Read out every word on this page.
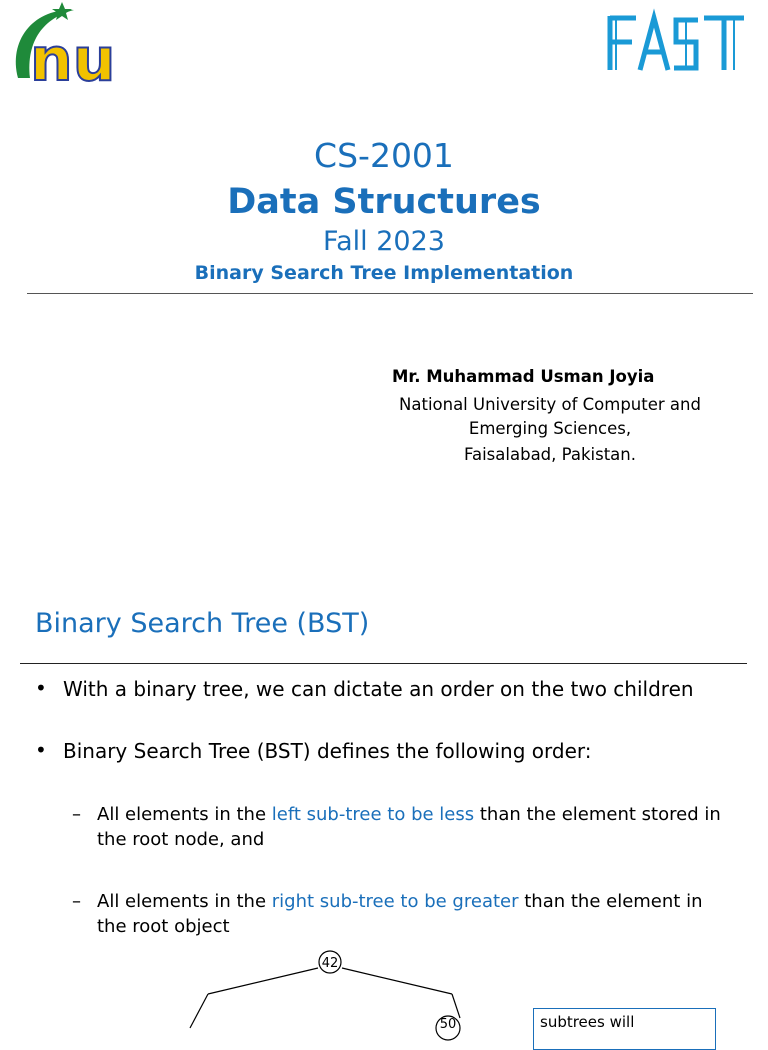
nu
CS-2001
Data Structures
Fall 2023
Binary Search Tree Implementation
Mr. Muhammad Usman Joyia
National University of Computer and
Emerging Sciences,
Faisalabad, Pakistan.
Binary Search Tree (BST)
• With a binary tree, we can dictate an order on the two children
• Binary Search Tree (BST) defines the following order:
– All elements in the left sub-tree to be less than the element stored in the root node, and
– All elements in the right sub-tree to be greater than the element in the root object
42
50	subtrees will
